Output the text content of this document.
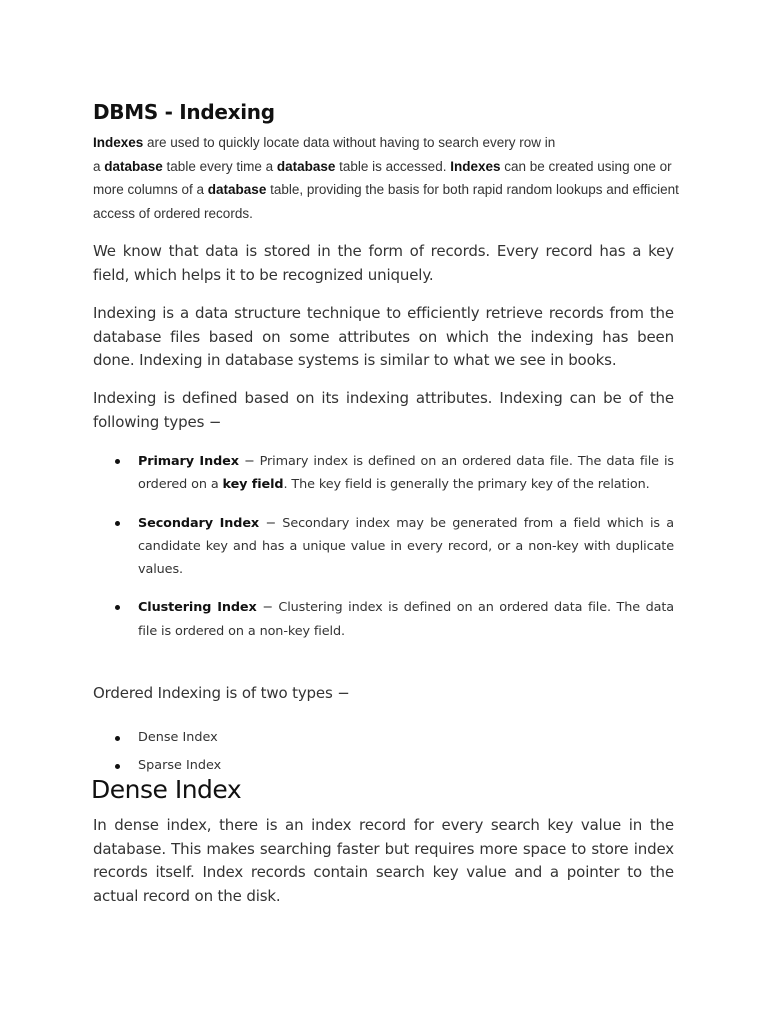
DBMS - Indexing

Indexes are used to quickly locate data without having to search every row in
a database table every time a database table is accessed. Indexes can be created using one or more columns of a database table, providing the basis for both rapid random lookups and efficient access of ordered records.

We know that data is stored in the form of records. Every record has a key field, which helps it to be recognized uniquely.

Indexing is a data structure technique to efficiently retrieve records from the database files based on some attributes on which the indexing has been done. Indexing in database systems is similar to what we see in books.

Indexing is defined based on its indexing attributes. Indexing can be of the following types −

Primary Index − Primary index is defined on an ordered data file. The data file is ordered on a key field. The key field is generally the primary key of the relation.
Secondary Index − Secondary index may be generated from a field which is a candidate key and has a unique value in every record, or a non-key with duplicate values.
Clustering Index − Clustering index is defined on an ordered data file. The data file is ordered on a non-key field.

Ordered Indexing is of two types −

Dense Index
Sparse Index
Dense Index

In dense index, there is an index record for every search key value in the database. This makes searching faster but requires more space to store index records itself. Index records contain search key value and a pointer to the actual record on the disk.
